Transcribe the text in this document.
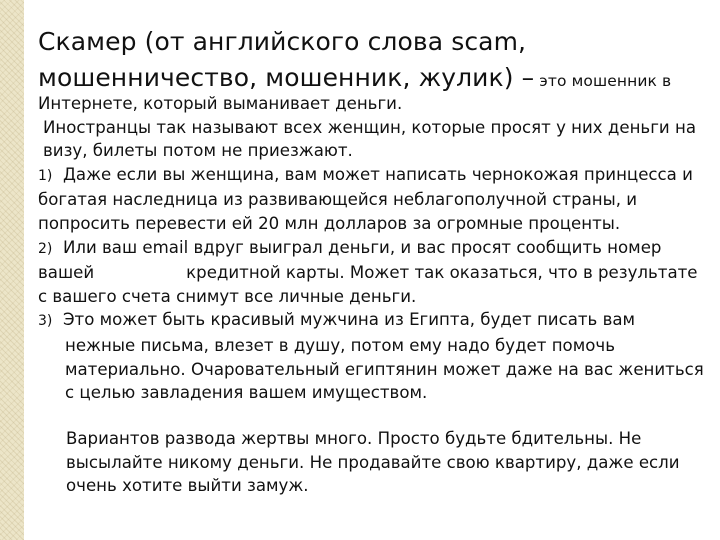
Скамер (от английского слова scam, мошенничество, мошенник, жулик) – это мошенник в

Интернете, который выманивает деньги.

Иностранцы так называют всех женщин, которые просят у них деньги на визу, билеты потом не приезжают.

1) Даже если вы женщина, вам может написать чернокожая принцесса и богатая наследница из развивающейся неблагополучной страны, и попросить перевести ей 20 млн долларов за огромные проценты.

2) Или ваш email вдруг выиграл деньги, и вас просят сообщить номер вашей	кредитной карты. Может так оказаться, что в результате с вашего счета снимут все личные деньги.

3) Это может быть красивый мужчина из Египта, будет писать вам нежные письма, влезет в душу, потом ему надо будет помочь материально. Очаровательный египтянин может даже на вас жениться с целью завладения вашем имуществом.

Вариантов развода жертвы много. Просто будьте бдительны. Не высылайте никому деньги. Не продавайте свою квартиру, даже если очень хотите выйти замуж.
